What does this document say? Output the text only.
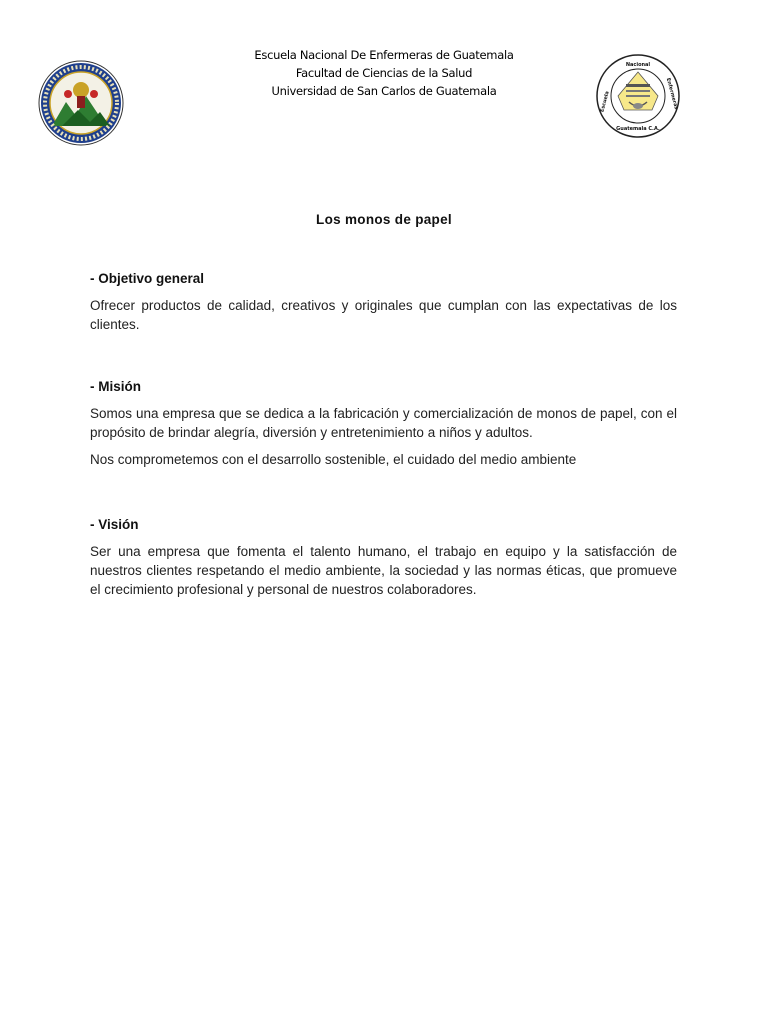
Escuela Nacional De Enfermeras de Guatemala
Facultad de Ciencias de la Salud
Universidad de San Carlos de Guatemala
Nacional
Escuela	Enfermeras
Guatemala C.A.
Los monos de papel
- Objetivo general

Ofrecer productos de calidad, creativos y originales que cumplan con las expectativas de los clientes.

- Misión

Somos una empresa que se dedica a la fabricación y comercialización de monos de papel, con el propósito de brindar alegría, diversión y entretenimiento a niños y adultos.

Nos comprometemos con el desarrollo sostenible, el cuidado del medio ambiente

- Visión

Ser una empresa que fomenta el talento humano, el trabajo en equipo y la satisfacción de nuestros clientes respetando el medio ambiente, la sociedad y las normas éticas, que promueve el crecimiento profesional y personal de nuestros colaboradores.
